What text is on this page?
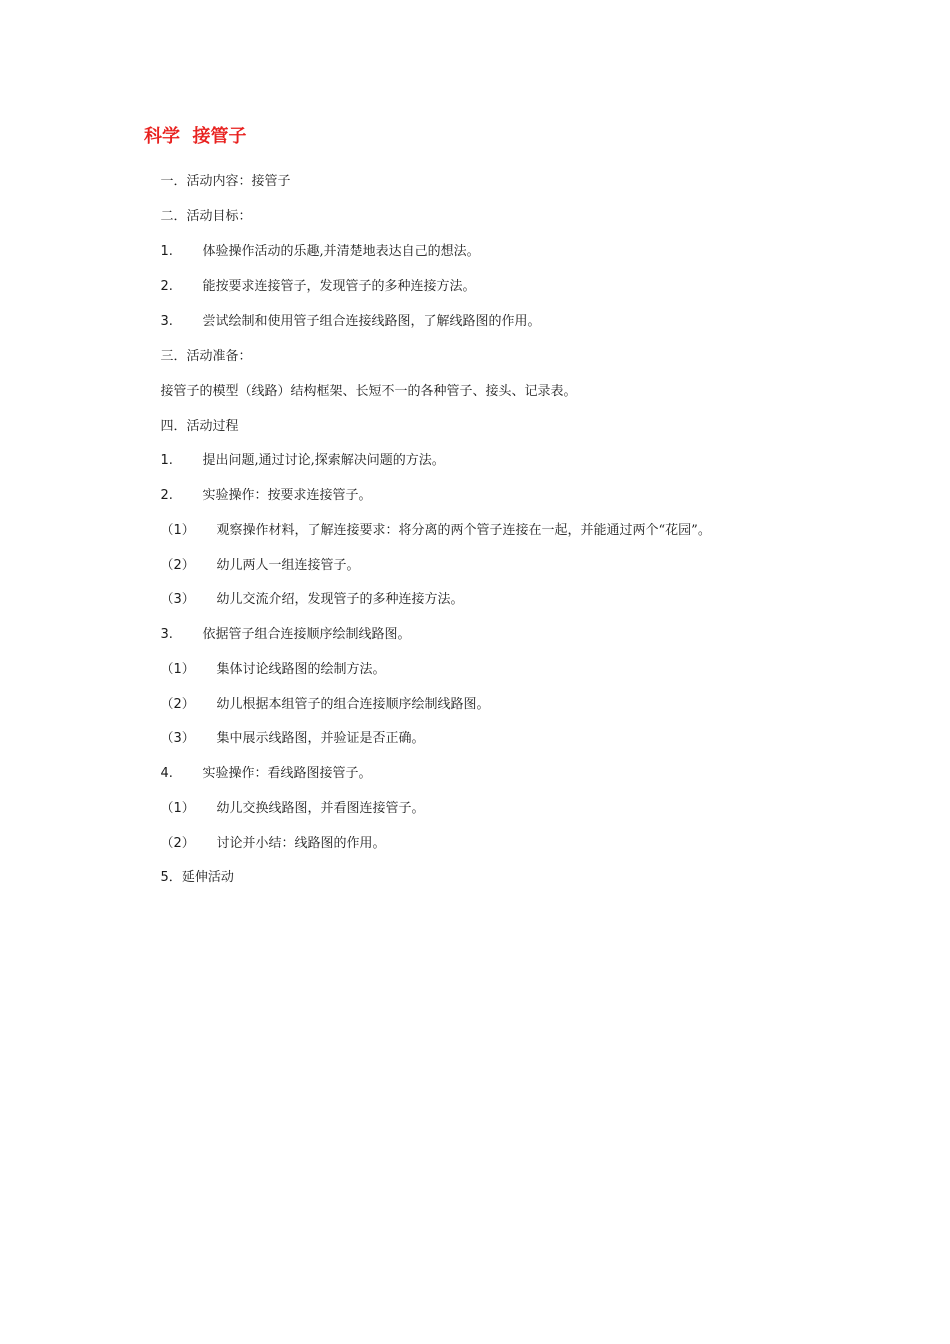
科学  接管子

一．活动内容：接管子

二．活动目标：

1. 体验操作活动的乐趣,并清楚地表达自己的想法。

2. 能按要求连接管子，发现管子的多种连接方法。

3. 尝试绘制和使用管子组合连接线路图，了解线路图的作用。

三．活动准备：

接管子的模型（线路）结构框架、长短不一的各种管子、接头、记录表。

四．活动过程

1. 提出问题,通过讨论,探索解决问题的方法。

2. 实验操作：按要求连接管子。

（1） 观察操作材料，了解连接要求：将分离的两个管子连接在一起，并能通过两个“花园”。

（2） 幼儿两人一组连接管子。

（3） 幼儿交流介绍，发现管子的多种连接方法。

3. 依据管子组合连接顺序绘制线路图。

（1） 集体讨论线路图的绘制方法。

（2） 幼儿根据本组管子的组合连接顺序绘制线路图。

（3） 集中展示线路图，并验证是否正确。

4. 实验操作：看线路图接管子。

（1） 幼儿交换线路图，并看图连接管子。

（2） 讨论并小结：线路图的作用。

5．延伸活动
